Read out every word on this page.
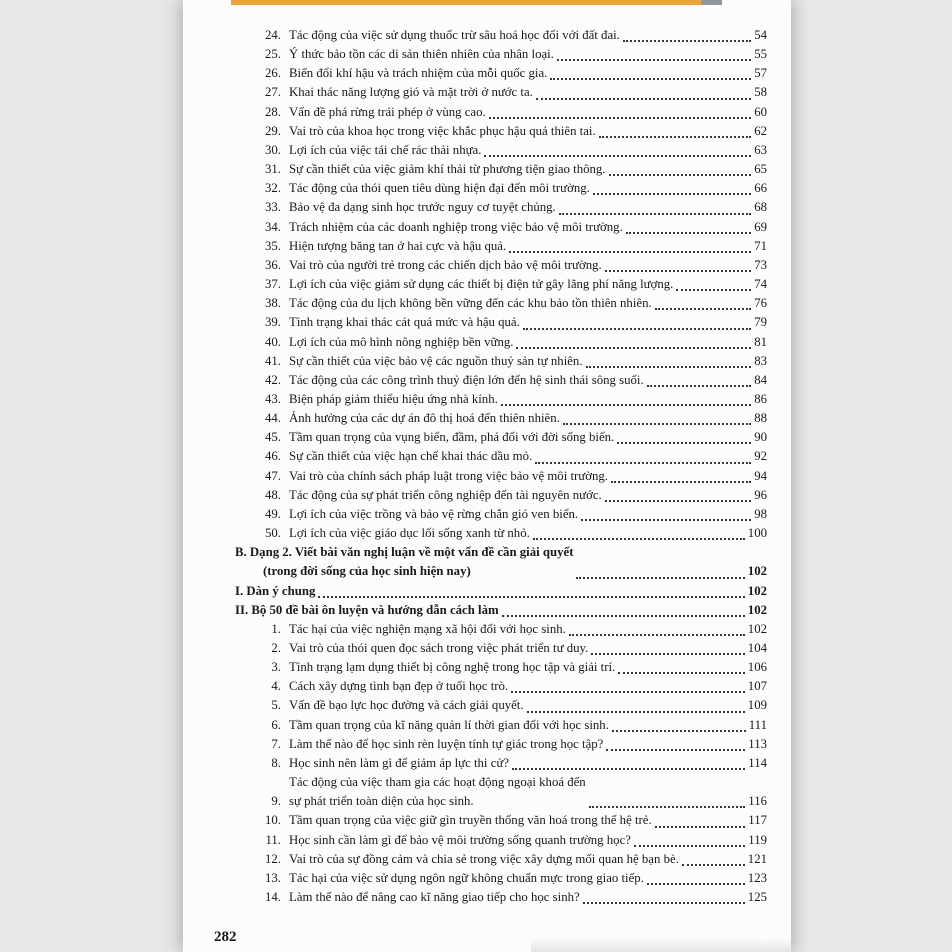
24. Tác động của việc sử dụng thuốc trừ sâu hoá học đối với đất đai.	54
25. Ý thức bảo tồn các di sản thiên nhiên của nhân loại.	55
26. Biến đổi khí hậu và trách nhiệm của mỗi quốc gia.	57
27. Khai thác năng lượng gió và mặt trời ở nước ta.	58
28. Vấn đề phá rừng trái phép ở vùng cao.	60
29. Vai trò của khoa học trong việc khắc phục hậu quả thiên tai.	62
30. Lợi ích của việc tái chế rác thải nhựa.	63
31. Sự cần thiết của việc giảm khí thải từ phương tiện giao thông.	65
32. Tác động của thói quen tiêu dùng hiện đại đến môi trường.	66
33. Bảo vệ đa dạng sinh học trước nguy cơ tuyệt chủng.	68
34. Trách nhiệm của các doanh nghiệp trong việc bảo vệ môi trường.	69
35. Hiện tượng băng tan ở hai cực và hậu quả.	71
36. Vai trò của người trẻ trong các chiến dịch bảo vệ môi trường.	73
37. Lợi ích của việc giảm sử dụng các thiết bị điện tử gây lãng phí năng lượng.	74
38. Tác động của du lịch không bền vững đến các khu bảo tồn thiên nhiên.	76
39. Tình trạng khai thác cát quá mức và hậu quả.	79
40. Lợi ích của mô hình nông nghiệp bền vững.	81
41. Sự cần thiết của việc bảo vệ các nguồn thuỷ sản tự nhiên.	83
42. Tác động của các công trình thuỷ điện lớn đến hệ sinh thái sông suối.	84
43. Biện pháp giảm thiểu hiệu ứng nhà kính.	86
44. Ảnh hưởng của các dự án đô thị hoá đến thiên nhiên.	88
45. Tầm quan trọng của vụng biển, đầm, phá đối với đời sống biển.	90
46. Sự cần thiết của việc hạn chế khai thác dầu mỏ.	92
47. Vai trò của chính sách pháp luật trong việc bảo vệ môi trường.	94
48. Tác động của sự phát triển công nghiệp đến tài nguyên nước.	96
49. Lợi ích của việc trồng và bảo vệ rừng chắn gió ven biển.	98
50. Lợi ích của việc giáo dục lối sống xanh từ nhỏ.	100
B. Dạng 2. Viết bài văn nghị luận về một vấn đề cần giải quyết
(trong đời sống của học sinh hiện nay)	102
I. Dàn ý chung	102
II. Bộ 50 đề bài ôn luyện và hướng dẫn cách làm	102
1. Tác hại của việc nghiện mạng xã hội đối với học sinh.	102
2. Vai trò của thói quen đọc sách trong việc phát triển tư duy.	104
3. Tình trạng lạm dụng thiết bị công nghệ trong học tập và giải trí.	106
4. Cách xây dựng tình bạn đẹp ở tuổi học trò.	107
5. Vấn đề bạo lực học đường và cách giải quyết.	109
6. Tầm quan trọng của kĩ năng quản lí thời gian đối với học sinh.	111
7. Làm thế nào để học sinh rèn luyện tính tự giác trong học tập?	113
8. Học sinh nên làm gì để giảm áp lực thi cử?	114
9.
Tác động của việc tham gia các hoạt động ngoại khoá đến
sự phát triển toàn diện của học sinh.	116
10. Tầm quan trọng của việc giữ gìn truyền thống văn hoá trong thế hệ trẻ.	117
11. Học sinh cần làm gì để bảo vệ môi trường sống quanh trường học?	119
12. Vai trò của sự đồng cảm và chia sẻ trong việc xây dựng mối quan hệ bạn bè.	121
13. Tác hại của việc sử dụng ngôn ngữ không chuẩn mực trong giao tiếp.	123
14. Làm thế nào để nâng cao kĩ năng giao tiếp cho học sinh?	125
282
